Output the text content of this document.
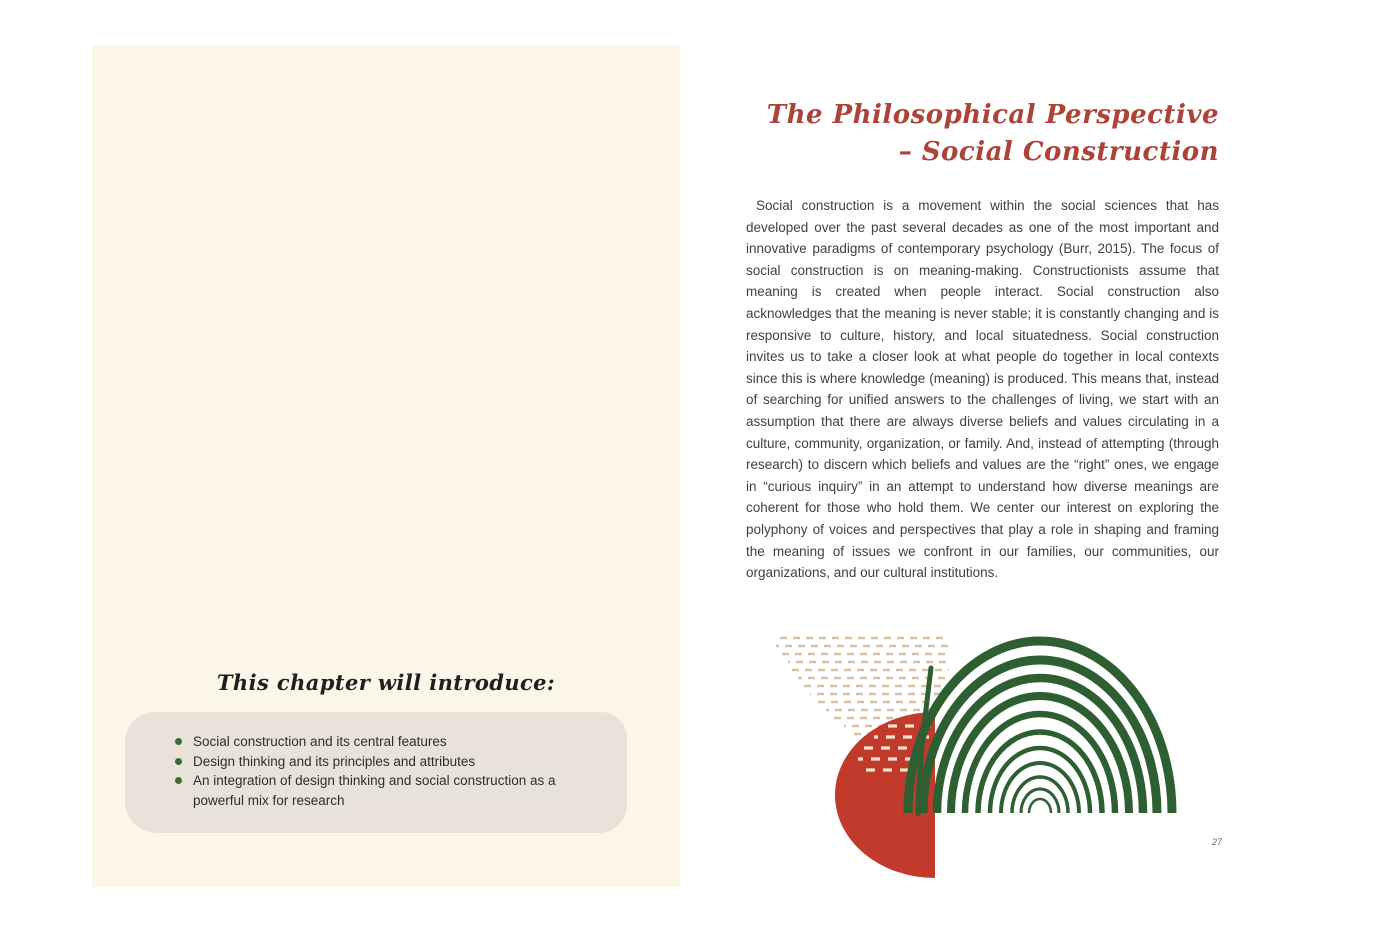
This chapter will introduce:
Social construction and its central features
Design thinking and its principles and attributes
An integration of design thinking and social construction as a powerful mix for research
The Philosophical Perspective
– Social Construction

Social construction is a movement within the social sciences that has developed over the past several decades as one of the most important and innovative paradigms of contemporary psychology (Burr, 2015). The focus of social construction is on meaning-making. Constructionists assume that meaning is created when people interact. Social construction also acknowledges that the meaning is never stable; it is constantly changing and is responsive to culture, history, and local situatedness. Social construction invites us to take a closer look at what people do together in local contexts since this is where knowledge (meaning) is produced. This means that, instead of searching for unified answers to the challenges of living, we start with an assumption that there are always diverse beliefs and values circulating in a culture, community, organization, or family. And, instead of attempting (through research) to discern which beliefs and values are the “right” ones, we engage in “curious inquiry” in an attempt to understand how diverse meanings are coherent for those who hold them. We center our interest on exploring the polyphony of voices and perspectives that play a role in shaping and framing the meaning of issues we confront in our families, our communities, our organizations, and our cultural institutions.

27
